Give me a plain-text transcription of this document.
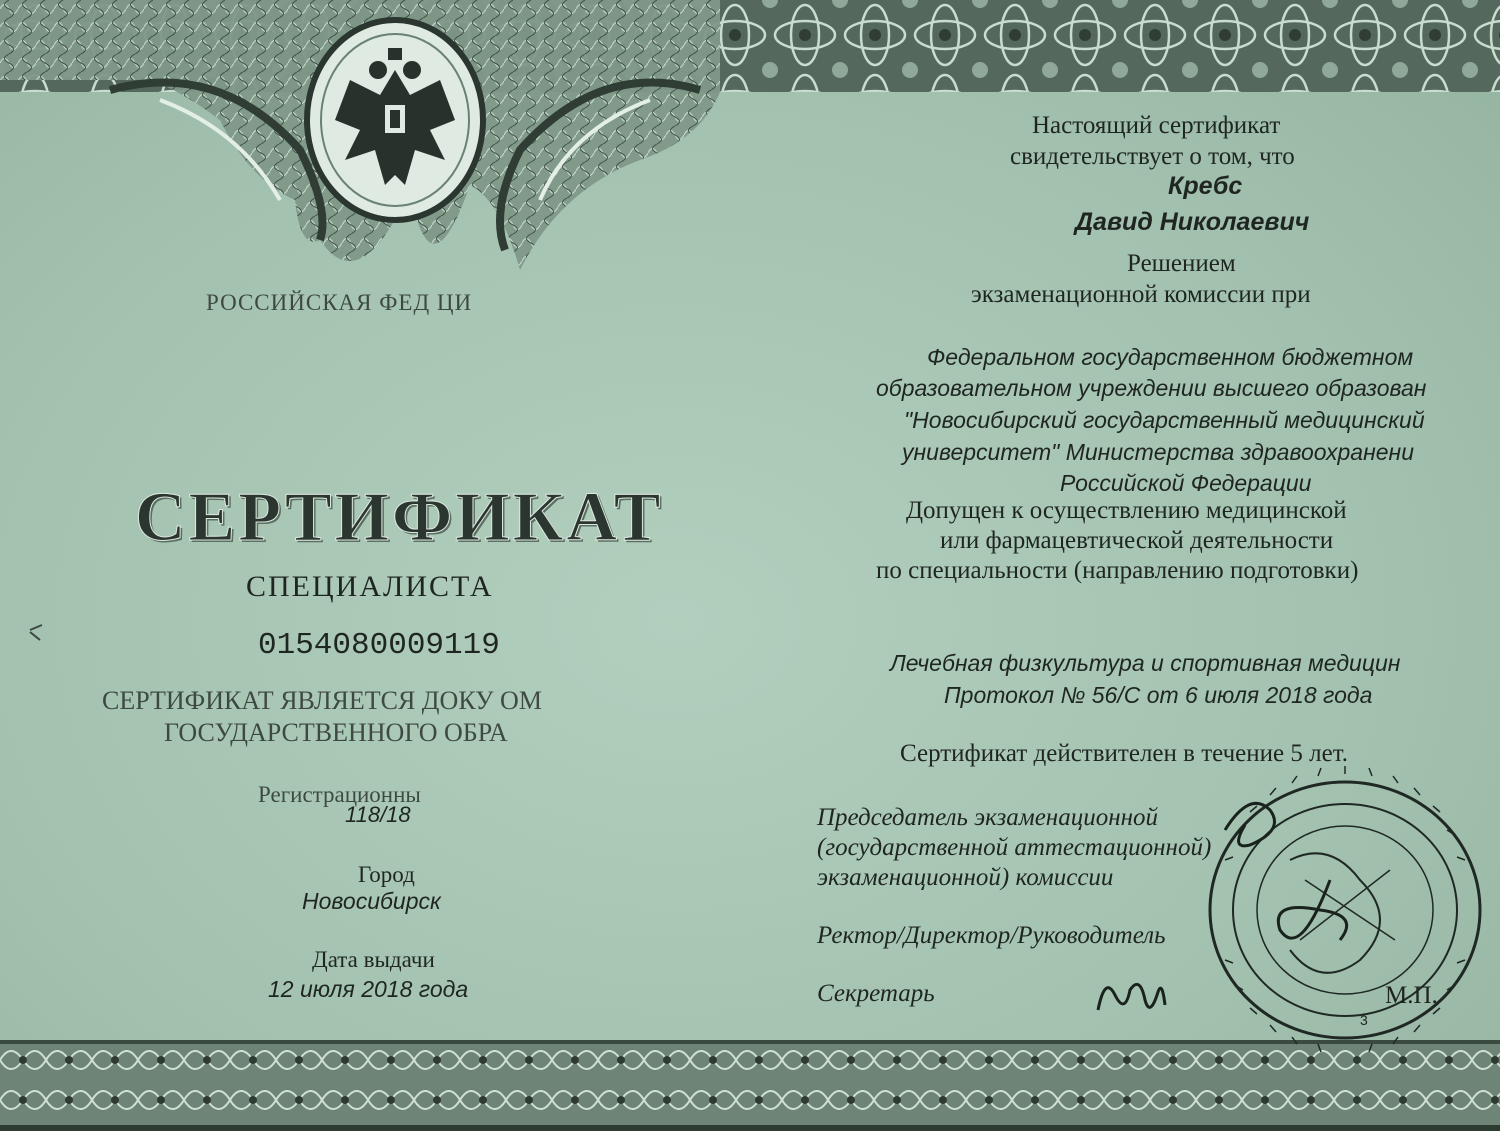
РОССИЙСКАЯ ФЕД ЦИ
СЕРТИФИКАТ
СПЕЦИАЛИСТА
0154080009119
СЕРТИФИКАТ ЯВЛЯЕТСЯ ДОКУ ОМ
ГОСУДАРСТВЕННОГО ОБРА
Регистрационны
118/18
Город
Новосибирск
Дата выдачи
12 июля 2018 года
Настоящий сертификат
свидетельствует о том, что
Кребс
Давид Николаевич
Решением
экзаменационной комиссии при
Федеральном государственном бюджетном
образовательном учреждении высшего образован
"Новосибирский государственный медицинский
университет" Министерства здравоохранени
Российской Федерации
Допущен к осуществлению медицинской
или фармацевтической деятельности
по специальности (направлению подготовки)
Лечебная физкультура и спортивная медицин
Протокол № 56/С от 6 июля 2018 года
Сертификат действителен в течение 5 лет.
Председатель экзаменационной
(государственной аттестационной)
экзаменационной) комиссии
Ректор/Директор/Руководитель
Секретарь	М.П.
3
